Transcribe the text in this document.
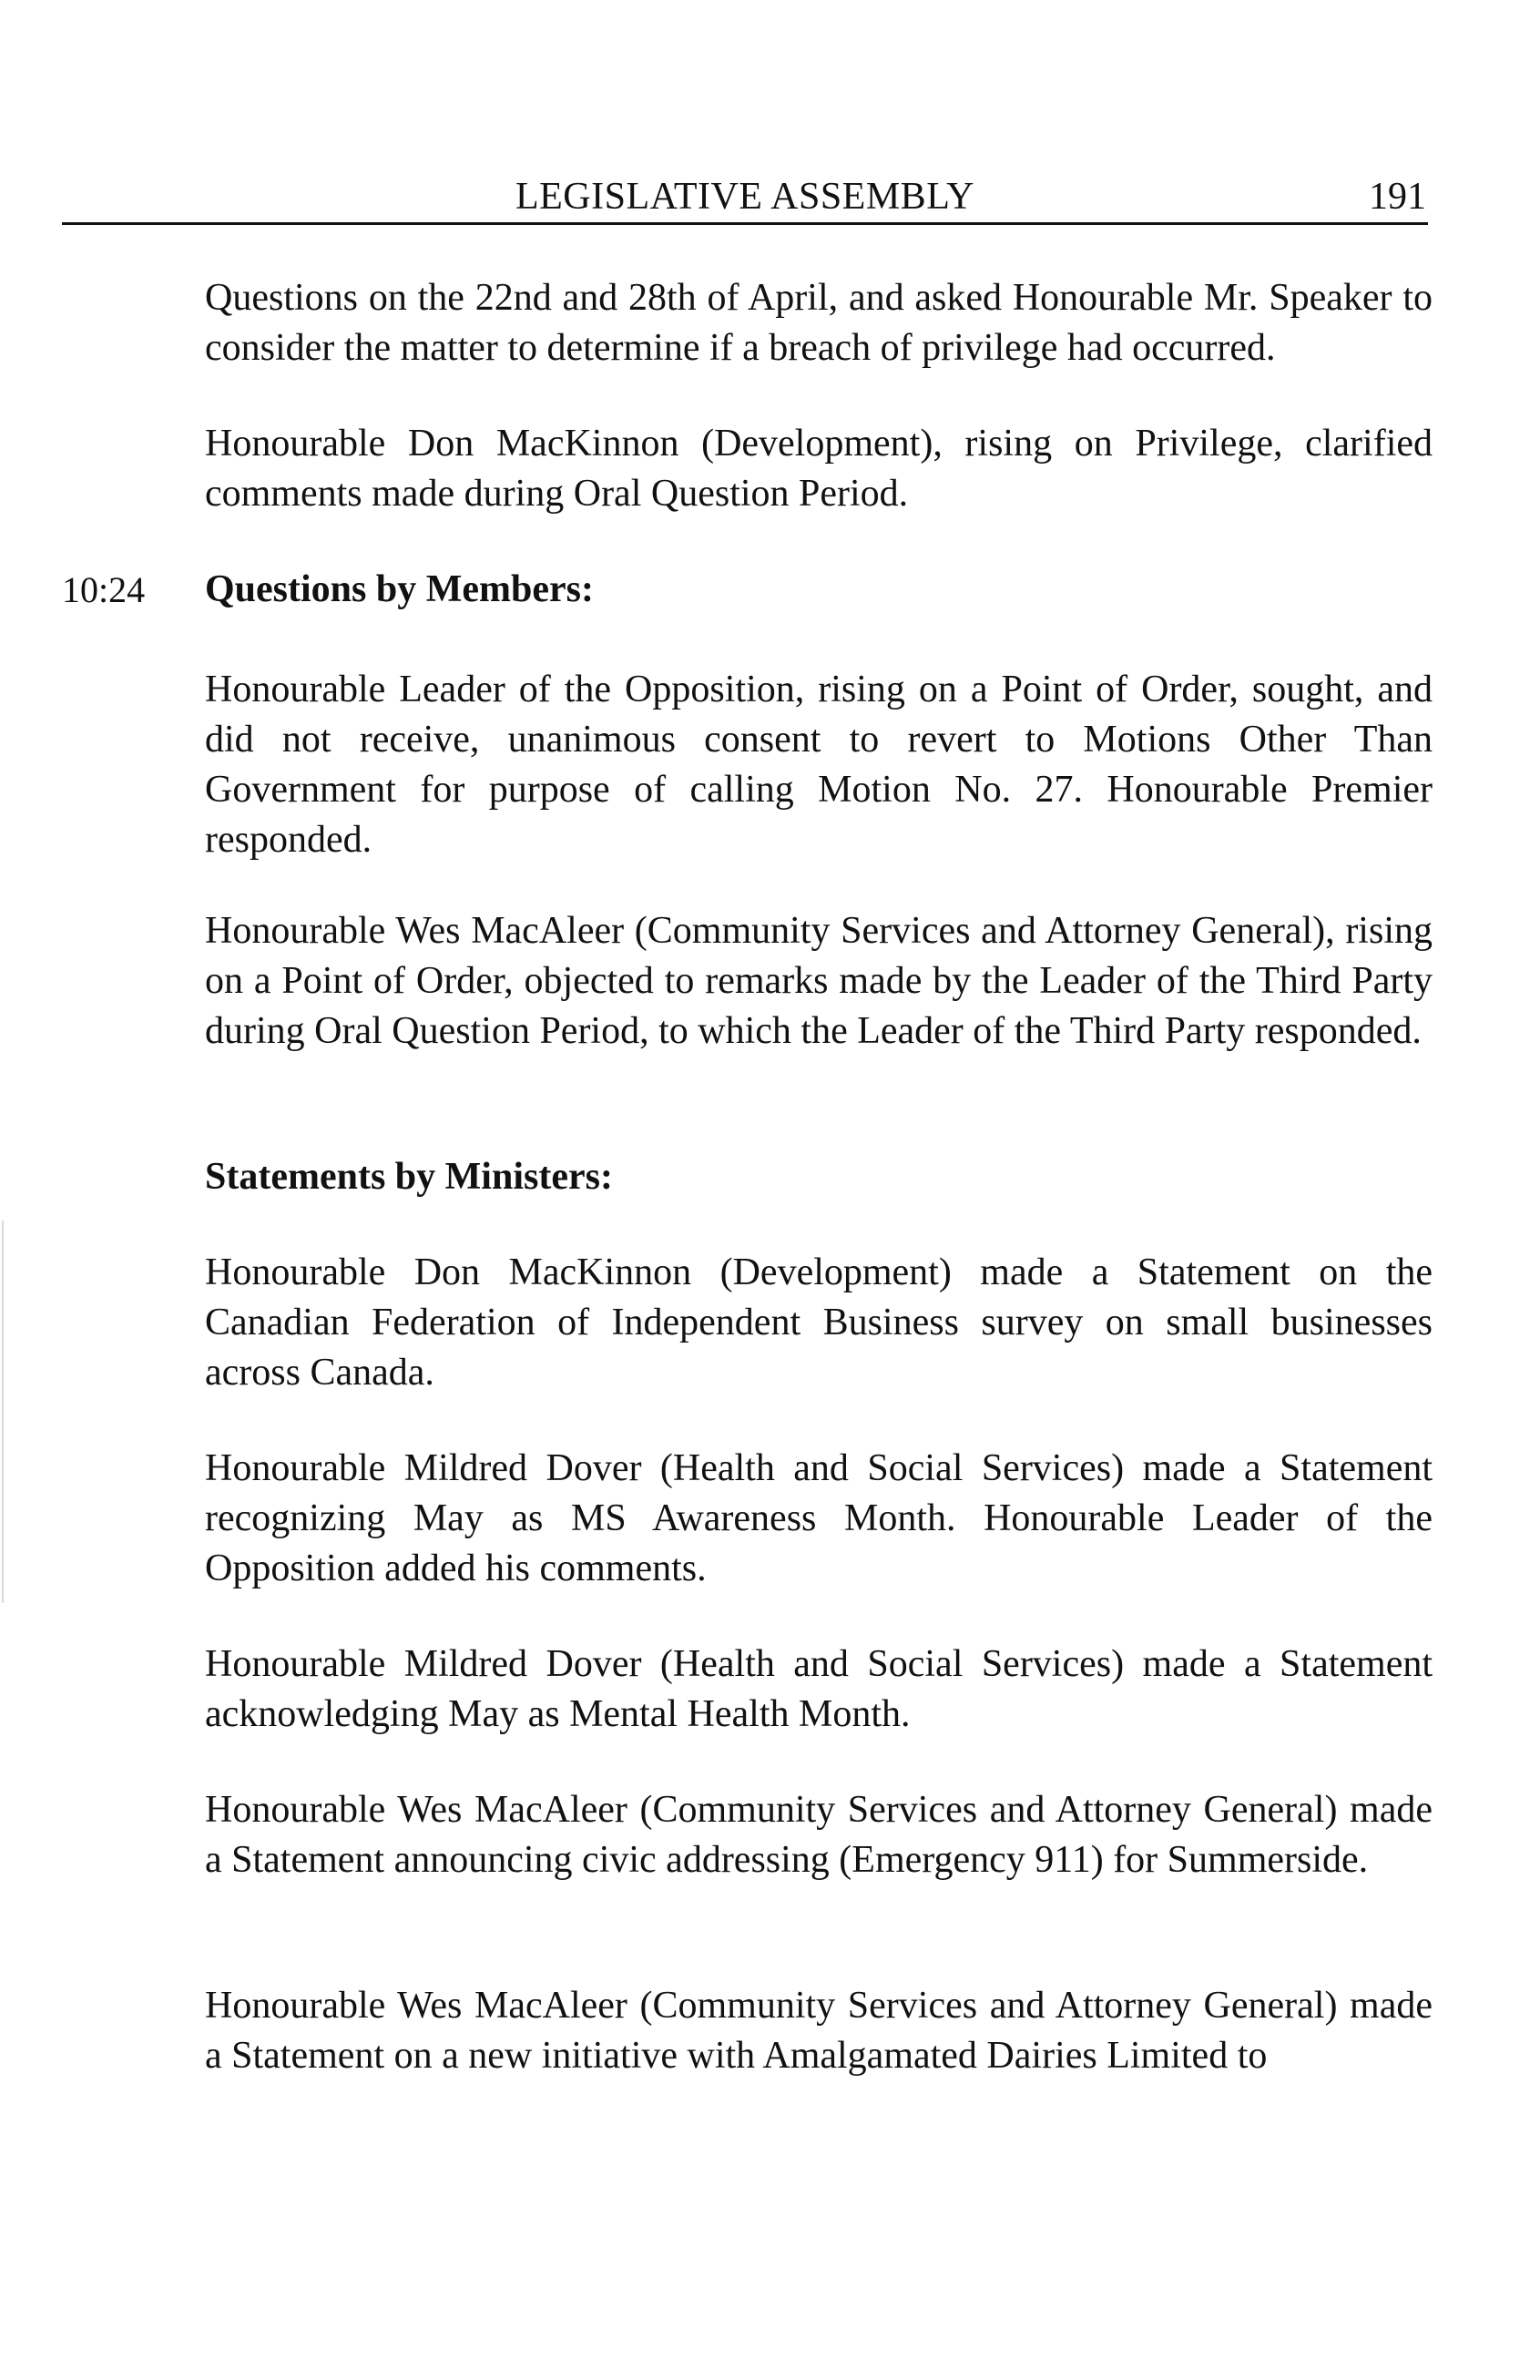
LEGISLATIVE ASSEMBLY	191
Questions on the 22nd and 28th of April, and asked Honourable Mr. Speaker to consider the matter to determine if a breach of privilege had occurred.
Honourable Don MacKinnon (Development), rising on Privilege, clarified comments made during Oral Question Period.
10:24 Questions by Members:
Honourable Leader of the Opposition, rising on a Point of Order, sought, and did not receive, unanimous consent to revert to Motions Other Than Government for purpose of calling Motion No. 27. Honourable Premier responded.
Honourable Wes MacAleer (Community Services and Attorney General), rising on a Point of Order, objected to remarks made by the Leader of the Third Party during Oral Question Period, to which the Leader of the Third Party responded.
Statements by Ministers:
Honourable Don MacKinnon (Development) made a Statement on the Canadian Federation of Independent Business survey on small businesses across Canada.
Honourable Mildred Dover (Health and Social Services) made a Statement recognizing May as MS Awareness Month. Honourable Leader of the Opposition added his comments.
Honourable Mildred Dover (Health and Social Services) made a Statement acknowledging May as Mental Health Month.
Honourable Wes MacAleer (Community Services and Attorney General) made a Statement announcing civic addressing (Emergency 911) for Summerside.
Honourable Wes MacAleer (Community Services and Attorney General) made a Statement on a new initiative with Amalgamated Dairies Limited to
